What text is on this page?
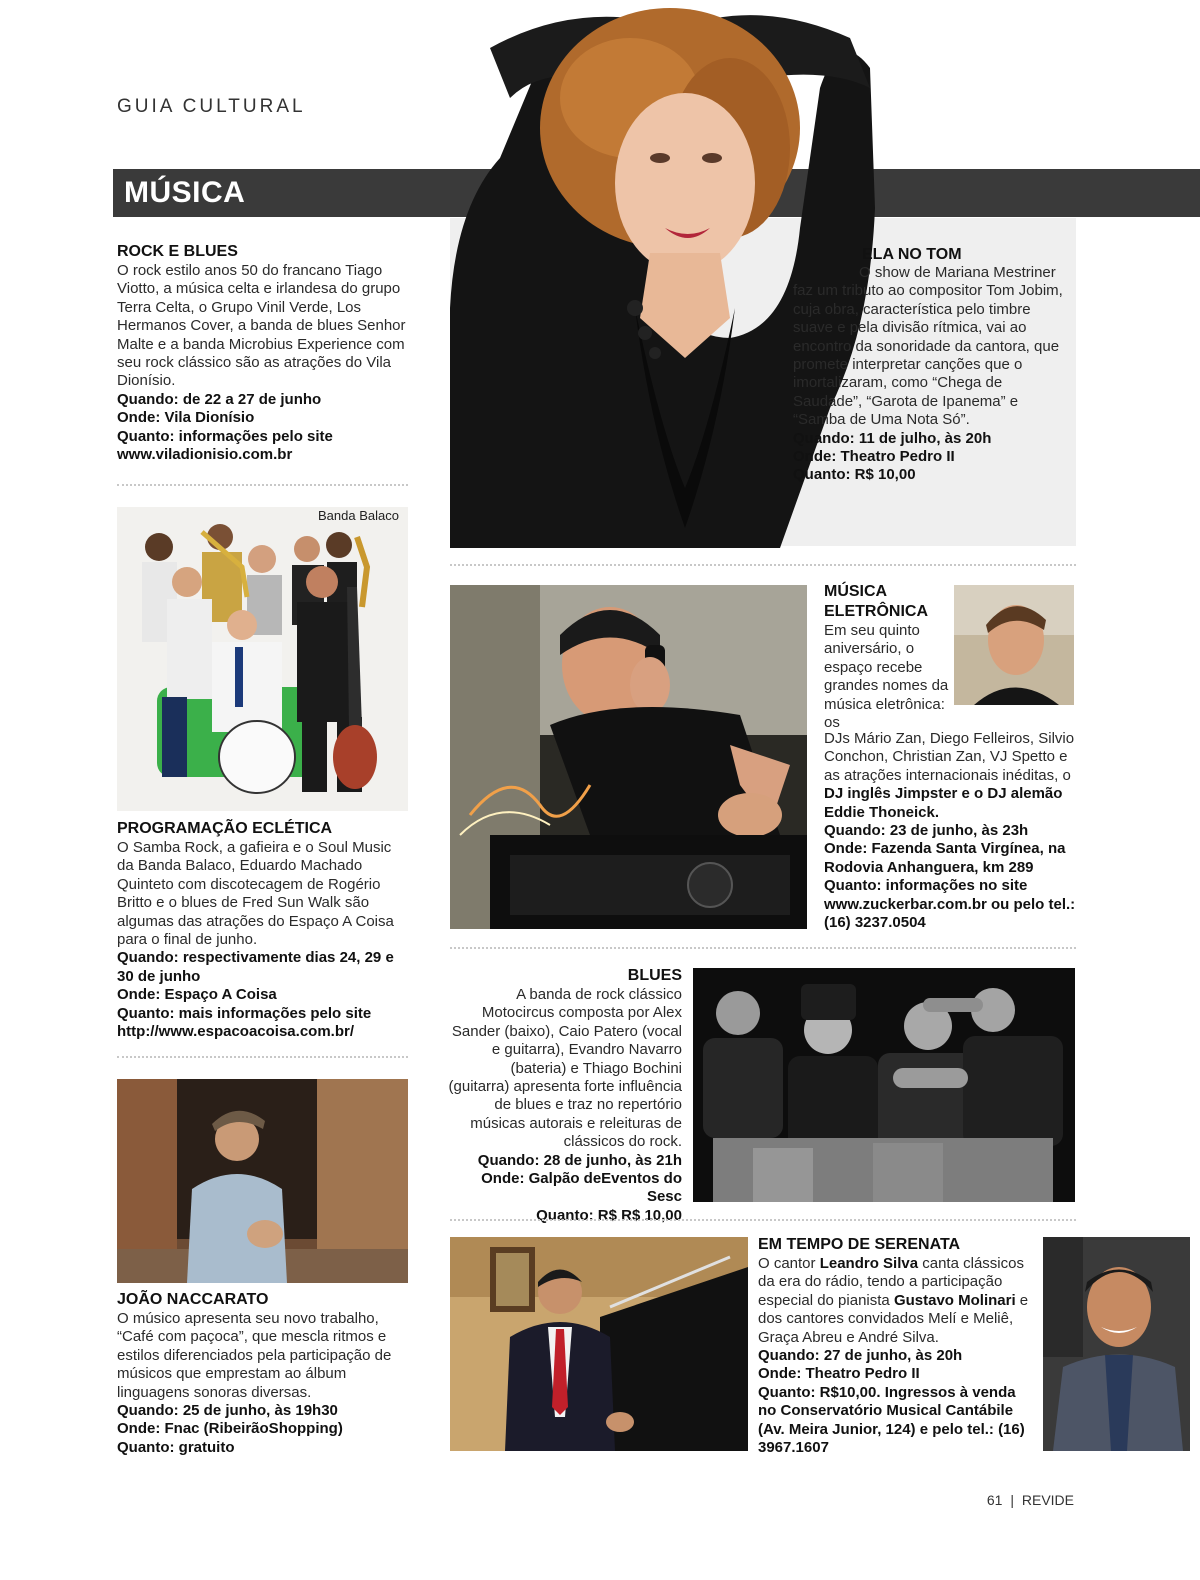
GUIA CULTURAL
MÚSICA
ROCK E BLUES

O rock estilo anos 50 do francano Tiago Viotto, a música celta e irlandesa do grupo Terra Celta, o Grupo Vinil Verde, Los Hermanos Cover, a banda de blues Senhor Malte e a banda Microbius Experience com seu rock clássico são as atrações do Vila Dionísio.

Quando: de 22 a 27 de junho
Onde: Vila Dionísio
Quanto: informações pelo site
www.viladionisio.com.br
ELA NO TOM

O show de Mariana Mestriner faz um tributo ao compositor Tom Jobim, cuja obra, característica pelo timbre suave e pela divisão rítmica, vai ao encontro da sonoridade da cantora, que promete interpretar canções que o imortalizaram, como “Chega de Saudade”, “Garota de Ipanema” e “Samba de Uma Nota Só”.

Quando: 11 de julho, às 20h
Onde: Theatro Pedro II
Quanto: R$ 10,00
Banda Balaco
PROGRAMAÇÃO ECLÉTICA

O Samba Rock, a gafieira e o Soul Music da Banda Balaco, Eduardo Machado Quinteto com discotecagem de Rogério Britto e o blues de Fred Sun Walk são algumas das atrações do Espaço A Coisa para o final de junho.

Quando: respectivamente dias 24, 29 e 30 de junho
Onde: Espaço A Coisa
Quanto: mais informações pelo site
http://www.espacoacoisa.com.br/
MÚSICA
ELETRÔNICA

Em seu quinto aniversário, o espaço recebe grandes nomes da música eletrônica: os

DJs Mário Zan, Diego Felleiros, Silvio Conchon, Christian Zan, VJ Spetto e as atrações internacionais inéditas, o

DJ inglês Jimpster e o DJ alemão Eddie Thoneick.

Quando: 23 de junho, às 23h
Onde: Fazenda Santa Virgínea, na Rodovia Anhanguera, km 289
Quanto: informações no site www.zuckerbar.com.br ou pelo tel.: (16) 3237.0504
BLUES

A banda de rock clássico Motocircus composta por Alex Sander (baixo), Caio Patero (vocal e guitarra), Evandro Navarro (bateria) e Thiago Bochini (guitarra) apresenta forte influência de blues e traz no repertório músicas autorais e releituras de clássicos do rock.

Quando: 28 de junho, às 21h
Onde: Galpão deEventos do Sesc
Quanto: R$ R$ 10,00
JOÃO NACCARATO

O músico apresenta seu novo trabalho, “Café com paçoca”, que mescla ritmos e estilos diferenciados pela participação de músicos que emprestam ao álbum linguagens sonoras diversas.

Quando: 25 de junho, às 19h30
Onde: Fnac (RibeirãoShopping)
Quanto: gratuito
EM TEMPO DE SERENATA

O cantor Leandro Silva canta clássicos da era do rádio, tendo a participação especial do pianista Gustavo Molinari e dos cantores convidados Melí e Meliê, Graça Abreu e André Silva.

Quando: 27 de junho, às 20h
Onde: Theatro Pedro II
Quanto: R$10,00. Ingressos à venda no Conservatório Musical Cantábile (Av. Meira Junior, 124) e pelo tel.: (16) 3967.1607
61 | REVIDE
